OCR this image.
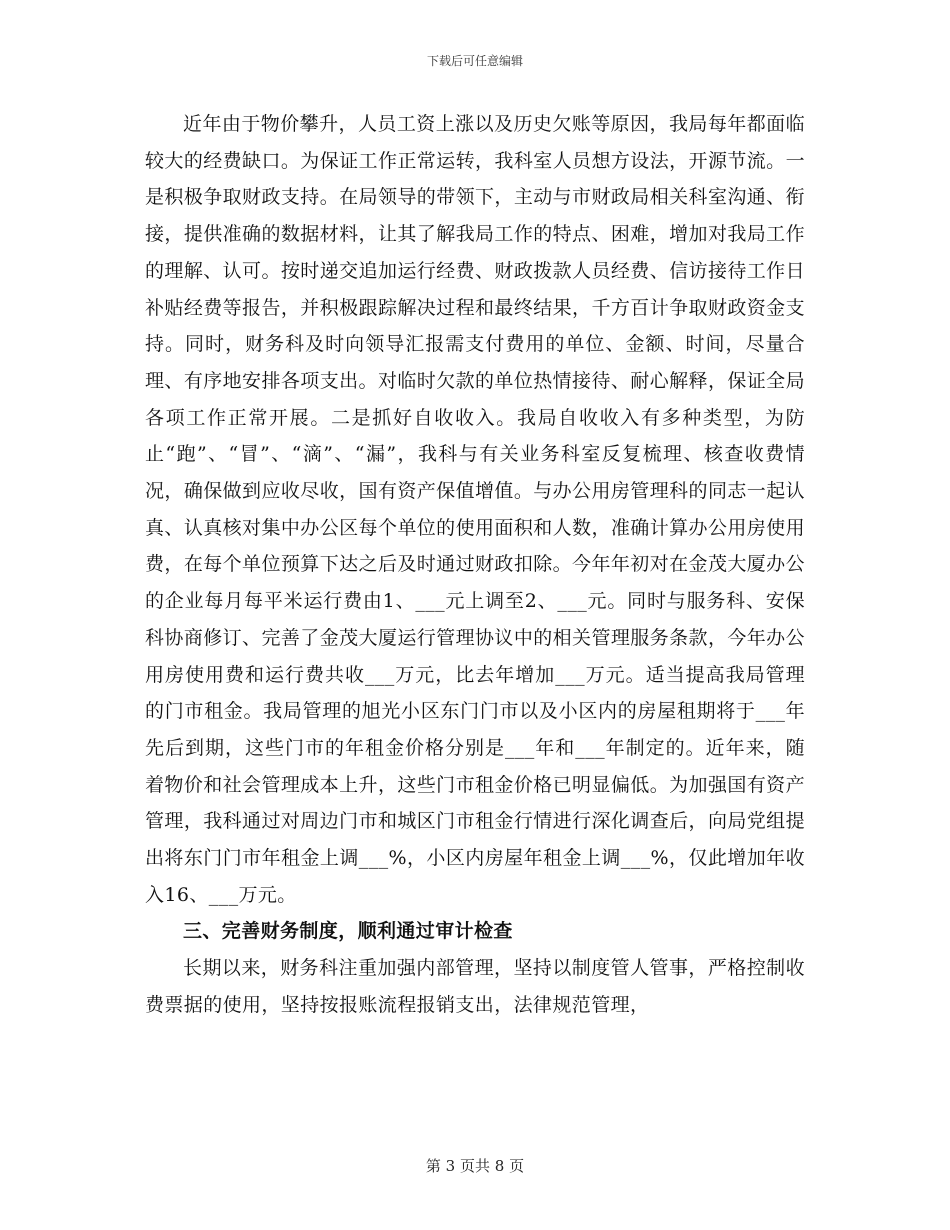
下载后可任意编辑

近年由于物价攀升，人员工资上涨以及历史欠账等原因，我局每年都面临较大的经费缺口。为保证工作正常运转，我科室人员想方设法，开源节流。一是积极争取财政支持。在局领导的带领下，主动与市财政局相关科室沟通、衔接，提供准确的数据材料，让其了解我局工作的特点、困难，增加对我局工作的理解、认可。按时递交追加运行经费、财政拨款人员经费、信访接待工作日补贴经费等报告，并积极跟踪解决过程和最终结果，千方百计争取财政资金支持。同时，财务科及时向领导汇报需支付费用的单位、金额、时间，尽量合理、有序地安排各项支出。对临时欠款的单位热情接待、耐心解释，保证全局各项工作正常开展。二是抓好自收收入。我局自收收入有多种类型，为防止“跑”、“冒”、“滴”、“漏”，我科与有关业务科室反复梳理、核查收费情况，确保做到应收尽收，国有资产保值增值。与办公用房管理科的同志一起认真、认真核对集中办公区每个单位的使用面积和人数，准确计算办公用房使用费，在每个单位预算下达之后及时通过财政扣除。今年年初对在金茂大厦办公的企业每月每平米运行费由1、___元上调至2、___元。同时与服务科、安保科协商修订、完善了金茂大厦运行管理协议中的相关管理服务条款，今年办公用房使用费和运行费共收___万元，比去年增加___万元。适当提高我局管理的门市租金。我局管理的旭光小区东门门市以及小区内的房屋租期将于___年先后到期，这些门市的年租金价格分别是___年和___年制定的。近年来，随着物价和社会管理成本上升，这些门市租金价格已明显偏低。为加强国有资产管理，我科通过对周边门市和城区门市租金行情进行深化调查后，向局党组提出将东门门市年租金上调___%，小区内房屋年租金上调___%，仅此增加年收入16、___万元。

三、完善财务制度，顺利通过审计检查

长期以来，财务科注重加强内部管理，坚持以制度管人管事，严格控制收费票据的使用，坚持按报账流程报销支出，法律规范管理，

第 3 页共 8 页
